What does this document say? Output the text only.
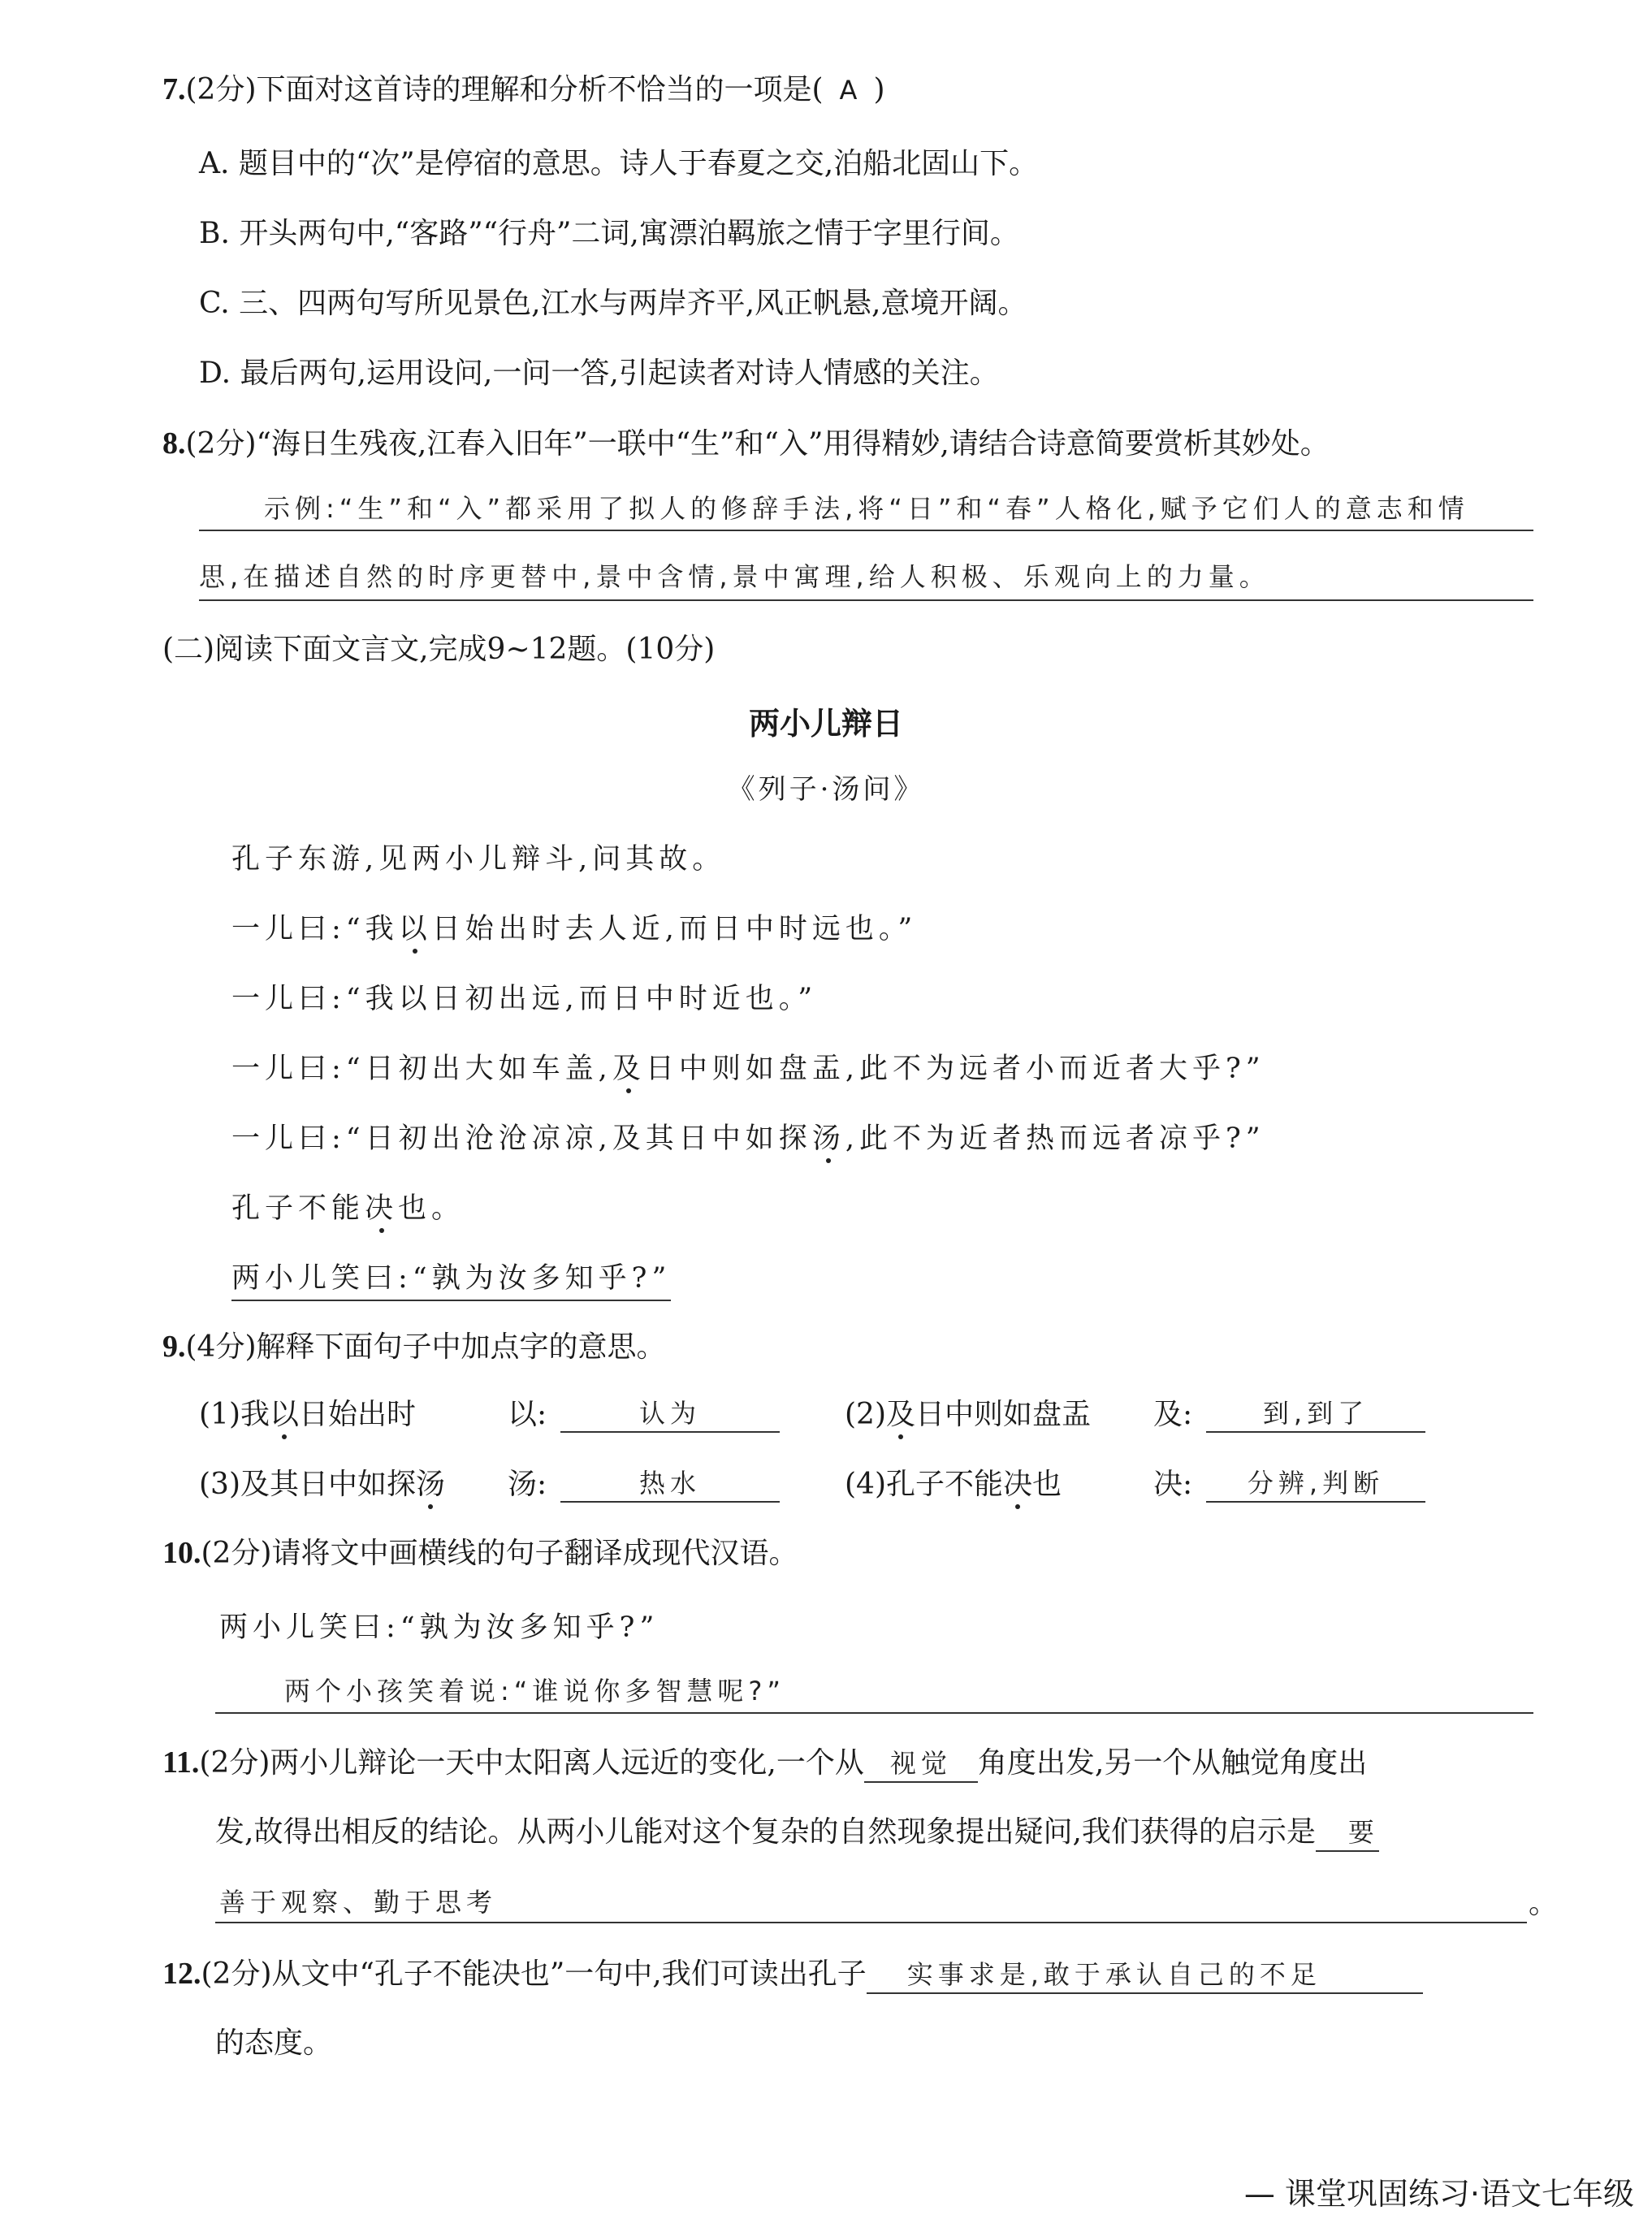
7.(2分)下面对这首诗的理解和分析不恰当的一项是( A )
A. 题目中的“次”是停宿的意思。诗人于春夏之交,泊船北固山下。
B. 开头两句中,“客路”“行舟”二词,寓漂泊羁旅之情于字里行间。
C. 三、四两句写所见景色,江水与两岸齐平,风正帆悬,意境开阔。
D. 最后两句,运用设问,一问一答,引起读者对诗人情感的关注。
8.(2分)“海日生残夜,江春入旧年”一联中“生”和“入”用得精妙,请结合诗意简要赏析其妙处。
示例:“生”和“入”都采用了拟人的修辞手法,将“日”和“春”人格化,赋予它们人的意志和情
思,在描述自然的时序更替中,景中含情,景中寓理,给人积极、乐观向上的力量。
(二)阅读下面文言文,完成9~12题。(10分)
两小儿辩日
《列子·汤问》
孔子东游,见两小儿辩斗,问其故。
一儿曰:“我以日始出时去人近,而日中时远也。”
一儿曰:“我以日初出远,而日中时近也。”
一儿曰:“日初出大如车盖,及日中则如盘盂,此不为远者小而近者大乎?”
一儿曰:“日初出沧沧凉凉,及其日中如探汤,此不为近者热而远者凉乎?”
孔子不能决也。
两小儿笑曰:“孰为汝多知乎?”
9.(4分)解释下面句子中加点字的意思。
(1)我以日始出时	以:	认为	(2)及日中则如盘盂 及:	到,到了
(3)及其日中如探汤 汤:	热水	(4)孔子不能决也	决:	分辨,判断
10.(2分)请将文中画横线的句子翻译成现代汉语。
两小儿笑曰:“孰为汝多知乎?”
两个小孩笑着说:“谁说你多智慧呢?”
11.(2分)两小儿辩论一天中太阳离人远近的变化,一个从 视觉 角度出发,另一个从触觉角度出
发,故得出相反的结论。从两小儿能对这个复杂的自然现象提出疑问,我们获得的启示是 要
善于观察、勤于思考	。
12.(2分)从文中“孔子不能决也”一句中,我们可读出孔子 实事求是,敢于承认自己的不足
的态度。
— 课堂巩固练习·语文七年级
